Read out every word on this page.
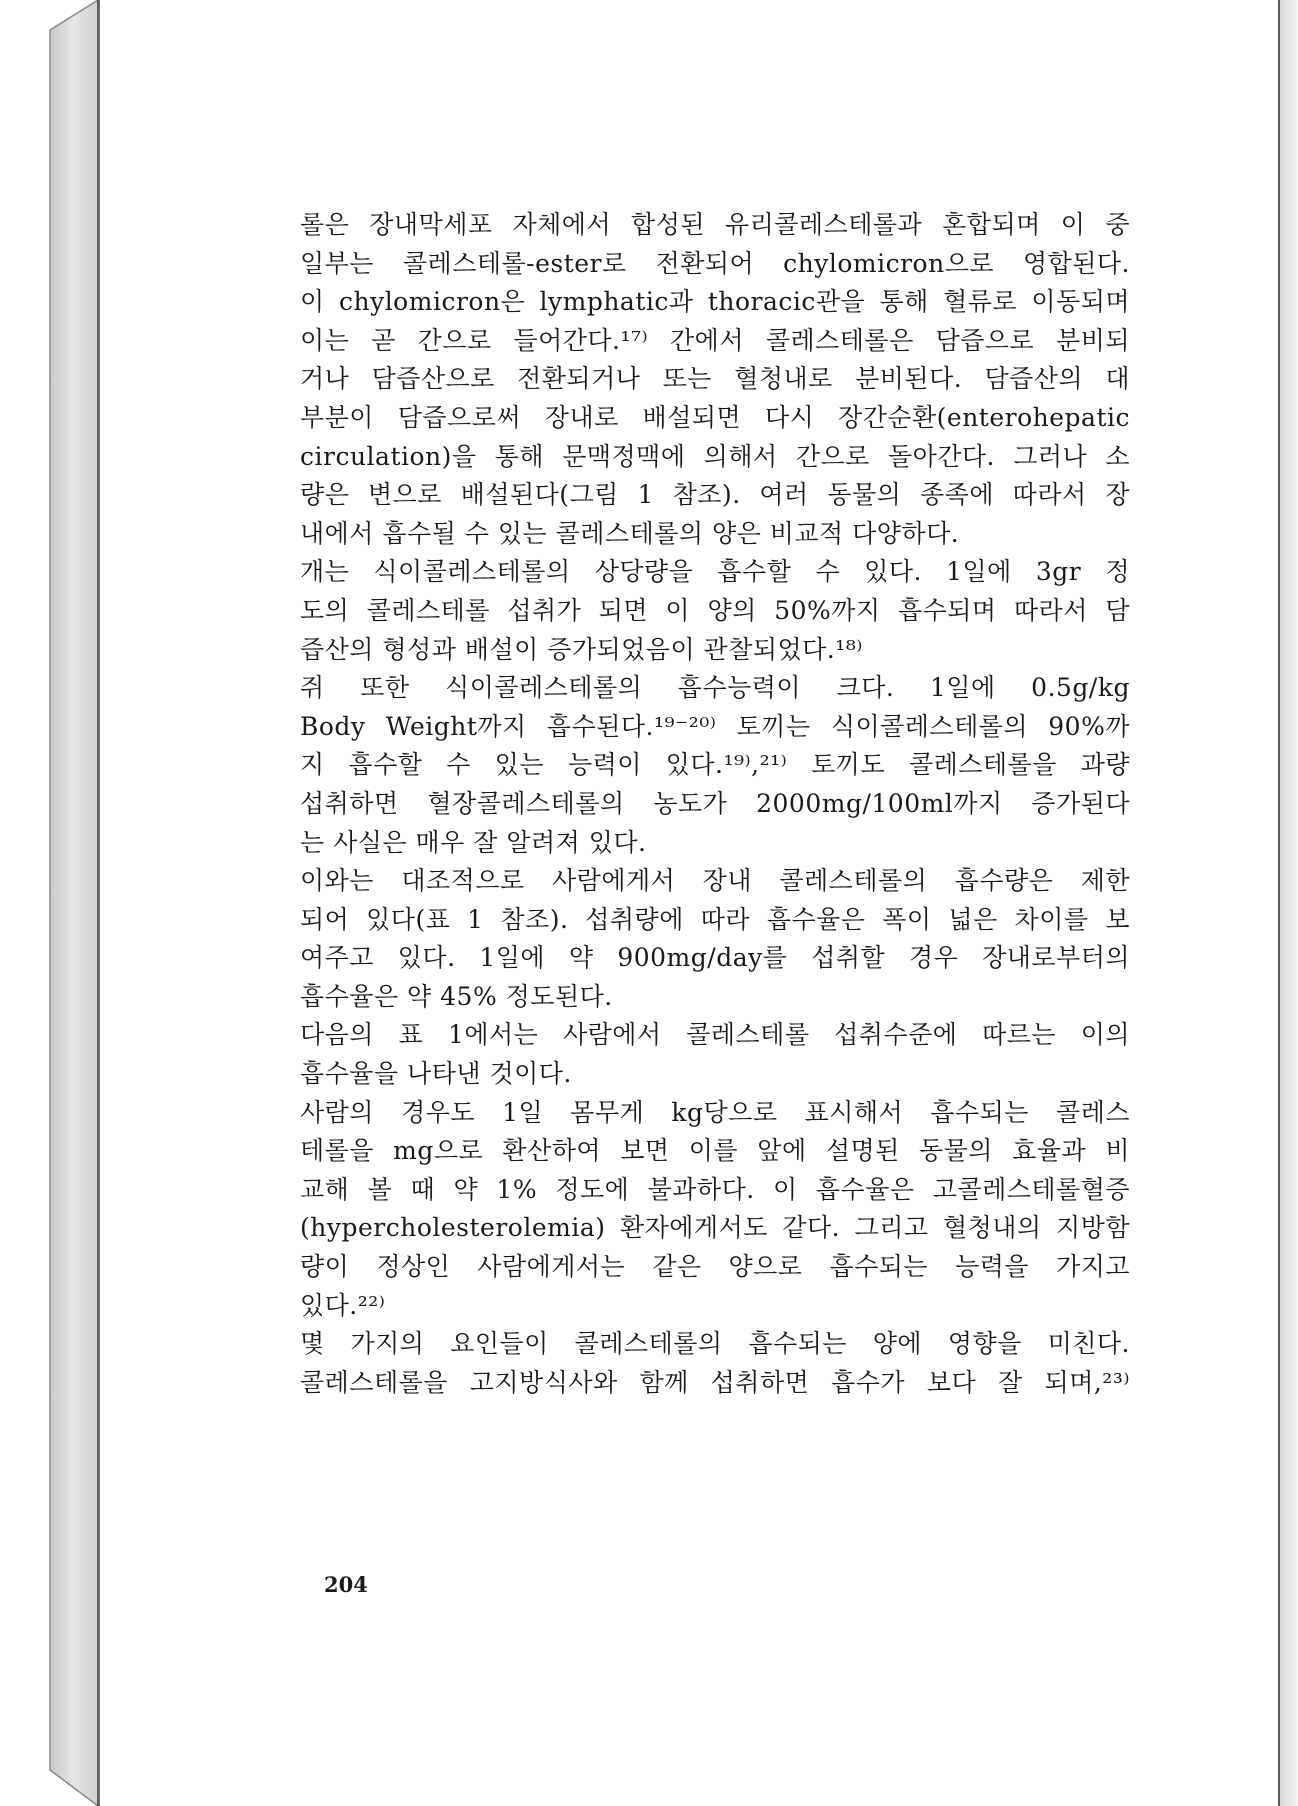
롤은 장내막세포 자체에서 합성된 유리콜레스테롤과 혼합되며 이 중
일부는 콜레스테롤-ester로 전환되어 chylomicron으로 영합된다.
이 chylomicron은 lymphatic과 thoracic관을 통해 혈류로 이동되며
이는 곧 간으로 들어간다.¹⁷⁾ 간에서 콜레스테롤은 담즙으로 분비되
거나 담즙산으로 전환되거나 또는 혈청내로 분비된다. 담즙산의 대
부분이 담즙으로써 장내로 배설되면 다시 장간순환(enterohepatic
circulation)을 통해 문맥정맥에 의해서 간으로 돌아간다. 그러나 소
량은 변으로 배설된다(그림 1 참조). 여러 동물의 종족에 따라서 장
내에서 흡수될 수 있는 콜레스테롤의 양은 비교적 다양하다.
개는 식이콜레스테롤의 상당량을 흡수할 수 있다. 1일에 3gr 정
도의 콜레스테롤 섭취가 되면 이 양의 50%까지 흡수되며 따라서 담
즙산의 형성과 배설이 증가되었음이 관찰되었다.¹⁸⁾
쥐 또한 식이콜레스테롤의 흡수능력이 크다. 1일에 0.5g/kg
Body Weight까지 흡수된다.¹⁹⁻²⁰⁾ 토끼는 식이콜레스테롤의 90%까
지 흡수할 수 있는 능력이 있다.¹⁹⁾,²¹⁾ 토끼도 콜레스테롤을 과량
섭취하면 혈장콜레스테롤의 농도가 2000mg/100ml까지 증가된다
는 사실은 매우 잘 알려져 있다.
이와는 대조적으로 사람에게서 장내 콜레스테롤의 흡수량은 제한
되어 있다(표 1 참조). 섭취량에 따라 흡수율은 폭이 넓은 차이를 보
여주고 있다. 1일에 약 900mg/day를 섭취할 경우 장내로부터의
흡수율은 약 45% 정도된다.
다음의 표 1에서는 사람에서 콜레스테롤 섭취수준에 따르는 이의
흡수율을 나타낸 것이다.
사람의 경우도 1일 몸무게 kg당으로 표시해서 흡수되는 콜레스
테롤을 mg으로 환산하여 보면 이를 앞에 설명된 동물의 효율과 비
교해 볼 때 약 1% 정도에 불과하다. 이 흡수율은 고콜레스테롤혈증
(hypercholesterolemia) 환자에게서도 같다. 그리고 혈청내의 지방함
량이 정상인 사람에게서는 같은 양으로 흡수되는 능력을 가지고
있다.²²⁾
몇 가지의 요인들이 콜레스테롤의 흡수되는 양에 영향을 미친다.
콜레스테롤을 고지방식사와 함께 섭취하면 흡수가 보다 잘 되며,²³⁾
204
